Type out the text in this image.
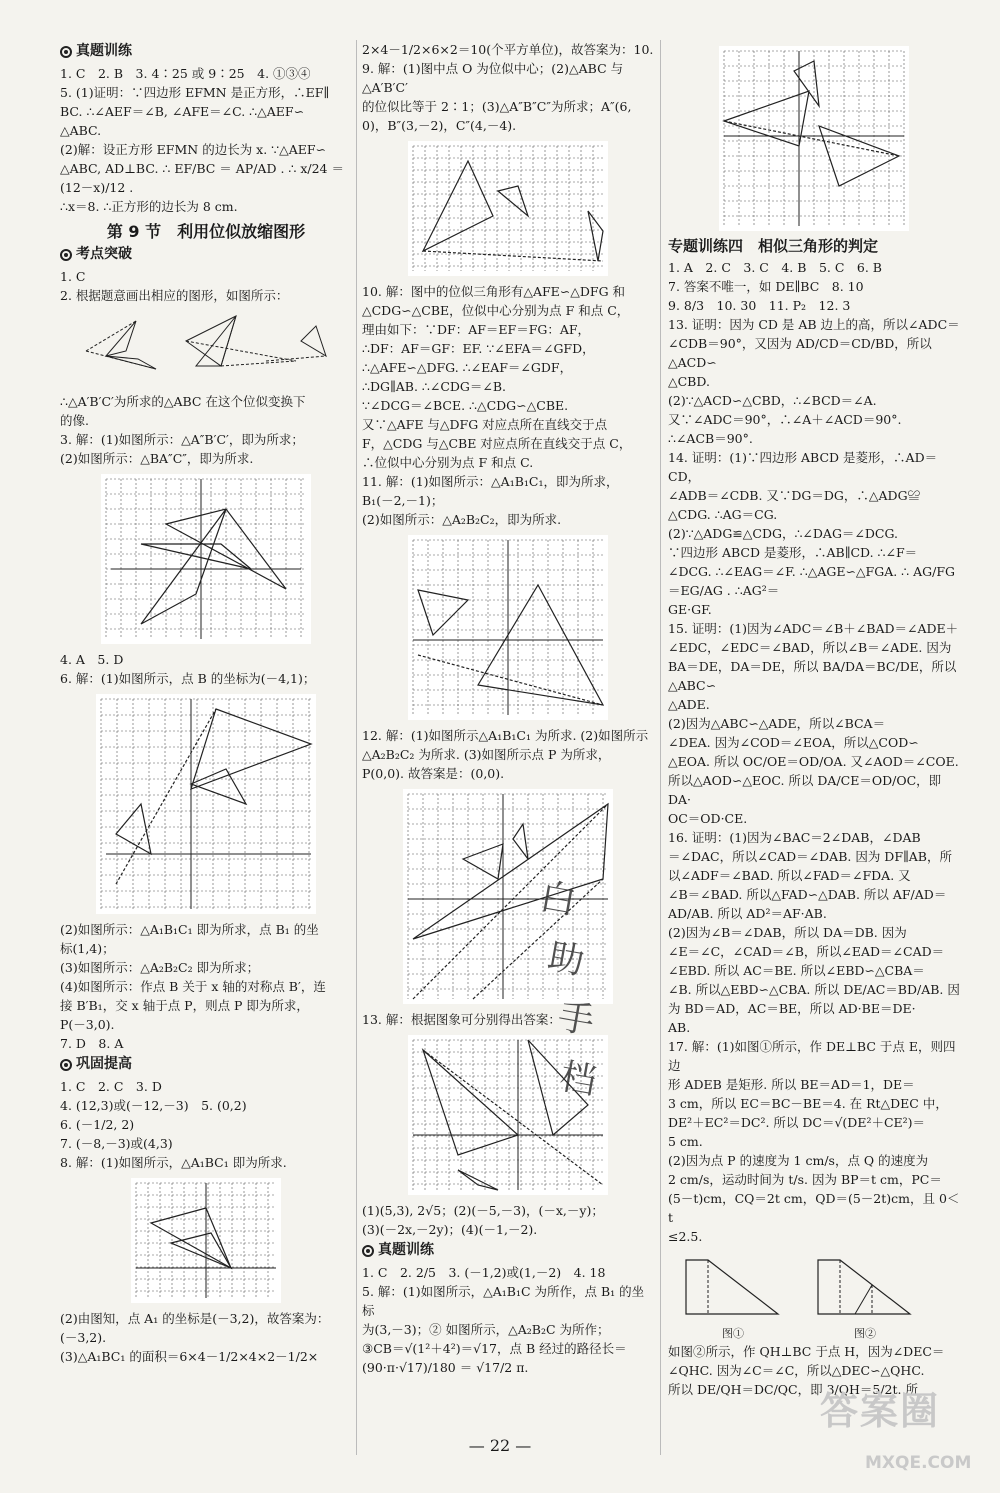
真题训练
1. C　2. B　3. 4∶25 或 9∶25　4. ①③④
5. (1)证明：∵四边形 EFMN 是正方形，∴EF∥
BC. ∴∠AEF＝∠B, ∠AFE＝∠C. ∴△AEF∽
△ABC.
(2)解：设正方形 EFMN 的边长为 x. ∵△AEF∽
△ABC, AD⊥BC. ∴ EF/BC ＝ AP/AD . ∴ x/24 ＝ (12－x)/12 .
∴x＝8. ∴正方形的边长为 8 cm.
第 9 节　利用位似放缩图形
考点突破
1. C
2. 根据题意画出相应的图形，如图所示：
∴△A′B′C′为所求的△ABC 在这个位似变换下
的像.
3. 解：(1)如图所示：△A″B′C′，即为所求；
(2)如图所示：△BA″C″，即为所求.
4. A　5. D
6. 解：(1)如图所示，点 B 的坐标为(－4,1)；
(2)如图所示：△A₁B₁C₁ 即为所求，点 B₁ 的坐
标(1,4)；
(3)如图所示：△A₂B₂C₂ 即为所求；
(4)如图所示：作点 B 关于 x 轴的对称点 B′，连
接 B′B₁，交 x 轴于点 P，则点 P 即为所求，
P(－3,0).
7. D　8. A
巩固提高
1. C　2. C　3. D
4. (12,3)或(－12,－3)　5. (0,2)
6. (－1/2, 2)
7. (－8,－3)或(4,3)
8. 解：(1)如图所示，△A₁BC₁ 即为所求.
(2)由图知，点 A₁ 的坐标是(－3,2)，故答案为：
(－3,2).
(3)△A₁BC₁ 的面积＝6×4－1/2×4×2－1/2×
2×4－1/2×6×2＝10(个平方单位)，故答案为：10.
9. 解：(1)图中点 O 为位似中心；(2)△ABC 与△A′B′C′
的位似比等于 2∶1；(3)△A″B″C″为所求；A″(6,
0)，B″(3,－2)，C″(4,－4).
10. 解：图中的位似三角形有△AFE∽△DFG 和
△CDG∽△CBE，位似中心分别为点 F 和点 C，
理由如下：∵DF：AF＝EF＝FG：AF，
∴DF：AF＝GF：EF. ∵∠EFA＝∠GFD，
∴△AFE∽△DFG. ∴∠EAF＝∠GDF，
∴DG∥AB. ∴∠CDG＝∠B.
∵∠DCG＝∠BCE. ∴△CDG∽△CBE.
又∵△AFE 与△DFG 对应点所在直线交于点
F，△CDG 与△CBE 对应点所在直线交于点 C，
∴位似中心分别为点 F 和点 C.
11. 解：(1)如图所示：△A₁B₁C₁，即为所求，
B₁(－2,－1)；
(2)如图所示：△A₂B₂C₂，即为所求.
12. 解：(1)如图所示△A₁B₁C₁ 为所求. (2)如图所示
△A₂B₂C₂ 为所求. (3)如图所示点 P 为所求，
P(0,0). 故答案是：(0,0).
13. 解：根据图象可分别得出答案：
(1)(5,3), 2√5；(2)(－5,－3)，(－x,－y)；
(3)(－2x,－2y)；(4)(－1,－2).
真题训练
1. C　2. 2/5　3. (－1,2)或(1,－2)　4. 18
5. 解：(1)如图所示，△A₁B₁C 为所作，点 B₁ 的坐标
为(3,－3)；② 如图所示，△A₂B₂C 为所作；
③CB＝√(1²＋4²)＝√17，点 B 经过的路径长＝
(90·π·√17)/180 ＝ √17/2 π.
专题训练四　相似三角形的判定
1. A　2. C　3. C　4. B　5. C　6. B
7. 答案不唯一，如 DE∥BC　8. 10
9. 8/3　10. 30　11. P₂　12. 3
13. 证明：因为 CD 是 AB 边上的高，所以∠ADC＝
∠CDB＝90°，又因为 AD/CD＝CD/BD，所以△ACD∽
△CBD.
(2)∵△ACD∽△CBD，∴∠BCD＝∠A.
又∵∠ADC＝90°，∴∠A＋∠ACD＝90°.
∴∠ACB＝90°.
14. 证明：(1)∵四边形 ABCD 是菱形，∴AD＝CD，
∠ADB＝∠CDB. 又∵DG＝DG，∴△ADG≌
△CDG. ∴AG＝CG.
(2)∵△ADG≌△CDG，∴∠DAG＝∠DCG.
∵四边形 ABCD 是菱形，∴AB∥CD. ∴∠F＝
∠DCG. ∴∠EAG＝∠F. ∴△AGE∽△FGA. ∴ AG/FG＝EG/AG . ∴AG²＝
GE·GF.
15. 证明：(1)因为∠ADC＝∠B＋∠BAD＝∠ADE＋
∠EDC，∠EDC＝∠BAD，所以∠B＝∠ADE. 因为
BA＝DE，DA＝DE，所以 BA/DA＝BC/DE，所以△ABC∽
△ADE.
(2)因为△ABC∽△ADE，所以∠BCA＝
∠DEA. 因为∠COD＝∠EOA，所以△COD∽
△EOA. 所以 OC/OE＝OD/OA. 又∠AOD＝∠COE.
所以△AOD∽△EOC. 所以 DA/CE＝OD/OC，即 DA·
OC＝OD·CE.
16. 证明：(1)因为∠BAC＝2∠DAB，∠DAB
＝∠DAC，所以∠CAD＝∠DAB. 因为 DF∥AB，所
以∠ADF＝∠BAD. 所以∠FAD＝∠FDA. 又
∠B＝∠BAD. 所以△FAD∽△DAB. 所以 AF/AD＝
AD/AB. 所以 AD²＝AF·AB.
(2)因为∠B＝∠DAB，所以 DA＝DB. 因为
∠E＝∠C，∠CAD＝∠B，所以∠EAD＝∠CAD＝
∠EBD. 所以 AC＝BE. 所以∠EBD∽△CBA＝
∠B. 所以△EBD∽△CBA. 所以 DE/AC＝BD/AB. 因
为 BD＝AD，AC＝BE，所以 AD·BE＝DE·
AB.
17. 解：(1)如图①所示，作 DE⊥BC 于点 E，则四边
形 ADEB 是矩形. 所以 BE＝AD＝1，DE＝
3 cm，所以 EC＝BC－BE＝4. 在 Rt△DEC 中，
DE²＋EC²＝DC². 所以 DC＝√(DE²＋CE²)＝
5 cm.
(2)因为点 P 的速度为 1 cm/s，点 Q 的速度为
2 cm/s，运动时间为 t/s. 因为 BP＝t cm，PC＝
(5－t)cm，CQ＝2t cm，QD＝(5－2t)cm，且 0＜t
≤2.5.
图①	图②
如图②所示，作 QH⊥BC 于点 H，因为∠DEC＝
∠QHC. 因为∠C＝∠C，所以△DEC∽△QHC.
所以 DE/QH＝DC/QC，即 3/QH＝5/2t. 所
白
助
手
档
— 22 —
答案圈
MXQE.COM
